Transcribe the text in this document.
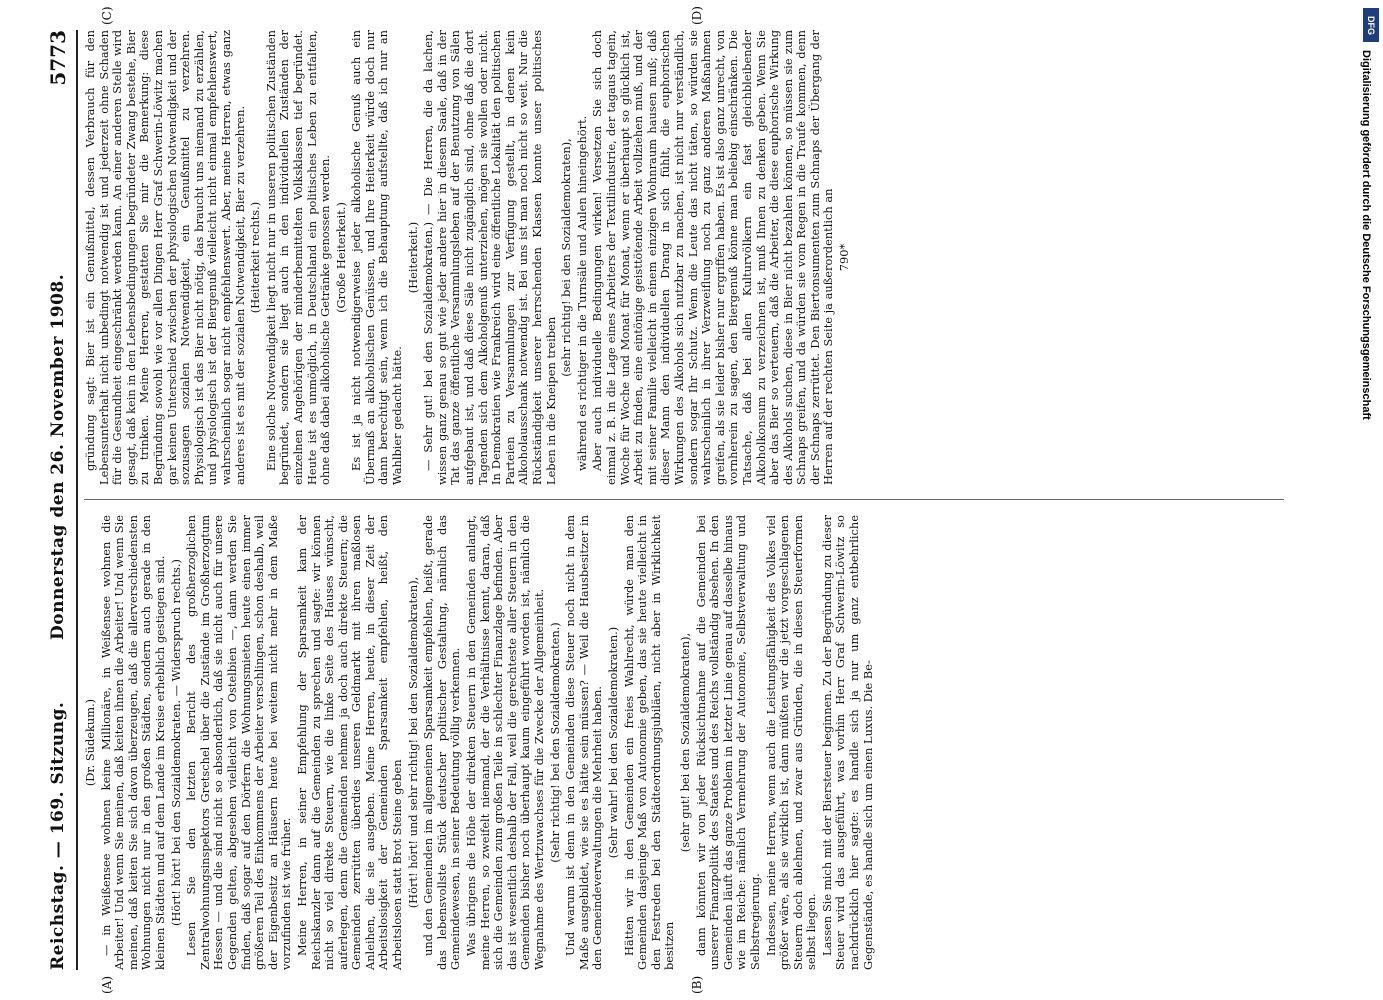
Reichstag. — 169. Sitzung.
Donnerstag den 26. November 1908.
5773
(A)	(B)
(C)	(D)

(Dr. Südekum.) — in Weißensee wohnen keine Millionäre, in Weißensee wohnen die Arbeiter! Und wenn Sie meinen, daß keiten ihnen die Arbeiter! Und wenn Sie meinen, daß keiten Sie sich davon überzeugen, daß die allerverschiedensten Wohnungen nicht nur in den großen Städten, sondern auch gerade in den kleinen Städten und auf dem Lande im Kreise erheblich gestiegen sind. (Hört! hört! bei den Sozialdemokraten. — Widerspruch rechts.) Lesen Sie den letzten Bericht des großherzoglichen Zentralwohnungsinspektors Gretschel über die Zustände im Großherzogtum Hessen — und die sind nicht so absonderlich, daß sie nicht auch für unsere Gegenden gelten, abgesehen vielleicht von Ostelbien —, dann werden Sie finden, daß sogar auf den Dörfern die Wohnungsmieten heute einen immer größeren Teil des Einkommens der Arbeiter verschlingen, schon deshalb, weil der Eigenbesitz an Häusern heute bei weitem nicht mehr in dem Maße vorzufinden ist wie früher. Meine Herren, in seiner Empfehlung der Sparsamkeit kam der Reichskanzler dann auf die Gemeinden zu sprechen und sagte: wir können nicht so viel direkte Steuern, wie die linke Seite des Hauses wünscht, auferlegen, denn die Gemeinden nehmen ja doch auch direkte Steuern; die Gemeinden zerrütten überdies unseren Geldmarkt mit ihren maßlosen Anleihen, die sie ausgeben. Meine Herren, heute, in dieser Zeit der Arbeitslosigkeit der Gemeinden Sparsamkeit empfehlen, heißt, den Arbeitslosen statt Brot Steine geben (Hört! hört! und sehr richtig! bei den Sozialdemokraten), und den Gemeinden im allgemeinen Sparsamkeit empfehlen, heißt, gerade das lebensvollste Stück deutscher politischer Gestaltung, nämlich das Gemeindewesen, in seiner Bedeutung völlig verkennen. Was übrigens die Höhe der direkten Steuern in den Gemeinden anlangt, meine Herren, so zweifelt niemand, der die Verhältnisse kennt, daran, daß sich die Gemeinden zum großen Teile in schlechter Finanzlage befinden. Aber das ist wesentlich deshalb der Fall, weil die gerechteste aller Steuern in den Gemeinden bisher noch überhaupt kaum eingeführt worden ist, nämlich die Wegnahme des Wertzuwachses für die Zwecke der Allgemeinheit. (Sehr richtig! bei den Sozialdemokraten.) Und warum ist denn in den Gemeinden diese Steuer noch nicht in dem Maße ausgebildet, wie sie es hätte sein müssen? — Weil die Hausbesitzer in den Gemeindeverwaltungen die Mehrheit haben. (Sehr wahr! bei den Sozialdemokraten.) Hätten wir in den Gemeinden ein freies Wahlrecht, würde man den Gemeinden dasjenige Maß von Autonomie geben, das sie heute vielleicht in den Festreden bei den Städteordnungsjubiläen, nicht aber in Wirklichkeit besitzen

(sehr gut! bei den Sozialdemokraten), dann könnten wir von jeder Rücksichtnahme auf die Gemeinden bei unserer Finanzpolitik des Staates und des Reichs vollständig absehen. In den Gemeinden läuft das ganze Problem in letzter Linie genau auf dasselbe hinaus wie im Reiche: nämlich Vermehrung der Autonomie, Selbstverwaltung und Selbstregierung. Indessen, meine Herren, wenn auch die Leistungsfähigkeit des Volkes viel größer wäre, als sie wirklich ist, dann müßten wir die jetzt vorgeschlagenen Steuern doch ablehnen, und zwar aus Gründen, die in diesen Steuerformen selbst liegen. Lassen Sie mich mit der Biersteuer beginnen. Zu der Begründung zu dieser Steuer wird das ausgeführt, was vorhin Herr Graf Schwerin-Löwitz so nachdrücklich hier sagte: es handle sich ja nur um ganz entbehrliche Gegenstände, es handle sich um einen Luxus. Die Be-

gründung sagt: Bier ist ein Genußmittel, dessen Verbrauch für den Lebensunterhalt nicht unbedingt notwendig ist und jederzeit ohne Schaden für die Gesundheit eingeschränkt werden kann. An einer anderen Stelle wird gesagt, daß kein in den Lebensbedingungen begründeter Zwang bestehe, Bier zu trinken. Meine Herren, gestatten Sie mir die Bemerkung: diese Begründung sowohl wie vor allen Dingen Herr Graf Schwerin-Löwitz machen gar keinen Unterschied zwischen der physiologischen Notwendigkeit und der sozusagen sozialen Notwendigkeit, ein Genußmittel zu verzehren. Physiologisch ist das Bier nicht nötig, das braucht uns niemand zu erzählen, und physiologisch ist der Biergenuß vielleicht nicht einmal empfehlenswert, wahrscheinlich sogar nicht empfehlenswert. Aber, meine Herren, etwas ganz anderes ist es mit der sozialen Notwendigkeit, Bier zu verzehren. (Heiterkeit rechts.) Eine solche Notwendigkeit liegt nicht nur in unseren politischen Zuständen begründet, sondern sie liegt auch in den individuellen Zuständen der einzelnen Angehörigen der minderbemittelten Volksklassen tief begründet. Heute ist es unmöglich, in Deutschland ein politisches Leben zu entfalten, ohne daß dabei alkoholische Getränke genossen werden. (Große Heiterkeit.) Es ist ja nicht notwendigerweise jeder alkoholische Genuß auch ein Übermaß an alkoholischen Genüssen, und Ihre Heiterkeit würde doch nur dann berechtigt sein, wenn ich die Behauptung aufstellte, daß ich nur an Wahlbier gedacht hätte.

(Heiterkeit.) — Sehr gut! bei den Sozialdemokraten.) — Die Herren, die da lachen, wissen ganz genau so gut wie jeder andere hier in diesem Saale, daß in der Tat das ganze öffentliche Versammlungsleben auf der Benutzung von Sälen aufgebaut ist, und daß diese Säle nicht zugänglich sind, ohne daß die dort Tagenden sich dem Alkoholgenuß unterziehen, mögen sie wollen oder nicht. In Demokratien wie Frankreich wird eine öffentliche Lokalität den politischen Parteien zu Versammlungen zur Verfügung gestellt, in denen kein Alkoholausschank notwendig ist. Bei uns ist man noch nicht so weit. Nur die Rückständigkeit unserer herrschenden Klassen konnte unser politisches Leben in die Kneipen treiben

(sehr richtig! bei den Sozialdemokraten), während es richtiger in die Turnsäle und Aulen hineingehört. Aber auch individuelle Bedingungen wirken! Versetzen Sie sich doch einmal z. B. in die Lage eines Arbeiters der Textilindustrie, der tagaus tagein, Woche für Woche und Monat für Monat, wenn er überhaupt so glücklich ist, Arbeit zu finden, eine eintönige geisttötende Arbeit vollziehen muß, und der mit seiner Familie vielleicht in einem einzigen Wohnraum hausen muß; daß dieser Mann den individuellen Drang in sich fühlt, die euphorischen Wirkungen des Alkohols sich nutzbar zu machen, ist nicht nur verständlich, sondern sogar Ihr Schutz. Wenn die Leute das nicht täten, so würden sie wahrscheinlich in ihrer Verzweiflung noch zu ganz anderen Maßnahmen greifen, als sie leider bisher nur ergriffen haben. Es ist also ganz unrecht, von vornherein zu sagen, den Biergenuß könne man beliebig einschränken. Die Tatsache, daß bei allen Kulturvölkern ein fast gleichbleibender Alkoholkonsum zu verzeichnen ist, muß Ihnen zu denken geben. Wenn Sie aber das Bier so verteuern, daß die Arbeiter, die diese euphorische Wirkung des Alkohols suchen, diese in Bier nicht bezahlen können, so müssen sie zum Schnaps greifen, und da würden sie vom Regen in die Traufe kommen, denn der Schnaps zerrüttet. Den Biertonsumenten zum Schnaps der Übergang der Herren auf der rechten Seite ja außerordentlich an 790*

DFG
Digitalisierung gefördert durch die Deutsche Forschungsgemeinschaft
